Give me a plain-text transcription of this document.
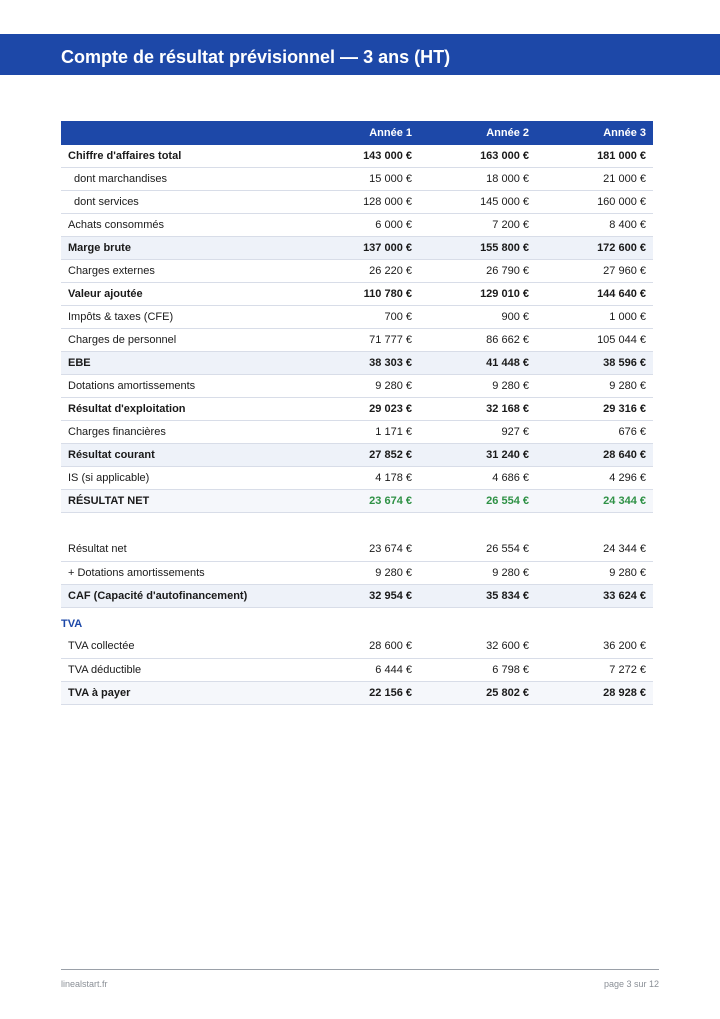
Compte de résultat prévisionnel — 3 ans (HT)
	Année 1	Année 2	Année 3
Chiffre d'affaires total	143 000 €	163 000 €	181 000 €
dont marchandises	15 000 €	18 000 €	21 000 €
dont services	128 000 €	145 000 €	160 000 €
Achats consommés	6 000 €	7 200 €	8 400 €
Marge brute	137 000 €	155 800 €	172 600 €
Charges externes	26 220 €	26 790 €	27 960 €
Valeur ajoutée	110 780 €	129 010 €	144 640 €
Impôts & taxes (CFE)	700 €	900 €	1 000 €
Charges de personnel	71 777 €	86 662 €	105 044 €
EBE	38 303 €	41 448 €	38 596 €
Dotations amortissements	9 280 €	9 280 €	9 280 €
Résultat d'exploitation	29 023 €	32 168 €	29 316 €
Charges financières	1 171 €	927 €	676 €
Résultat courant	27 852 €	31 240 €	28 640 €
IS (si applicable)	4 178 €	4 686 €	4 296 €
RÉSULTAT NET	23 674 €	26 554 €	24 344 €

Résultat net	23 674 €	26 554 €	24 344 €
+ Dotations amortissements	9 280 €	9 280 €	9 280 €
CAF (Capacité d'autofinancement)	32 954 €	35 834 €	33 624 €
TVA			
TVA collectée	28 600 €	32 600 €	36 200 €
TVA déductible	6 444 €	6 798 €	7 272 €
TVA à payer	22 156 €	25 802 €	28 928 €
linealstart.fr	page 3 sur 12
